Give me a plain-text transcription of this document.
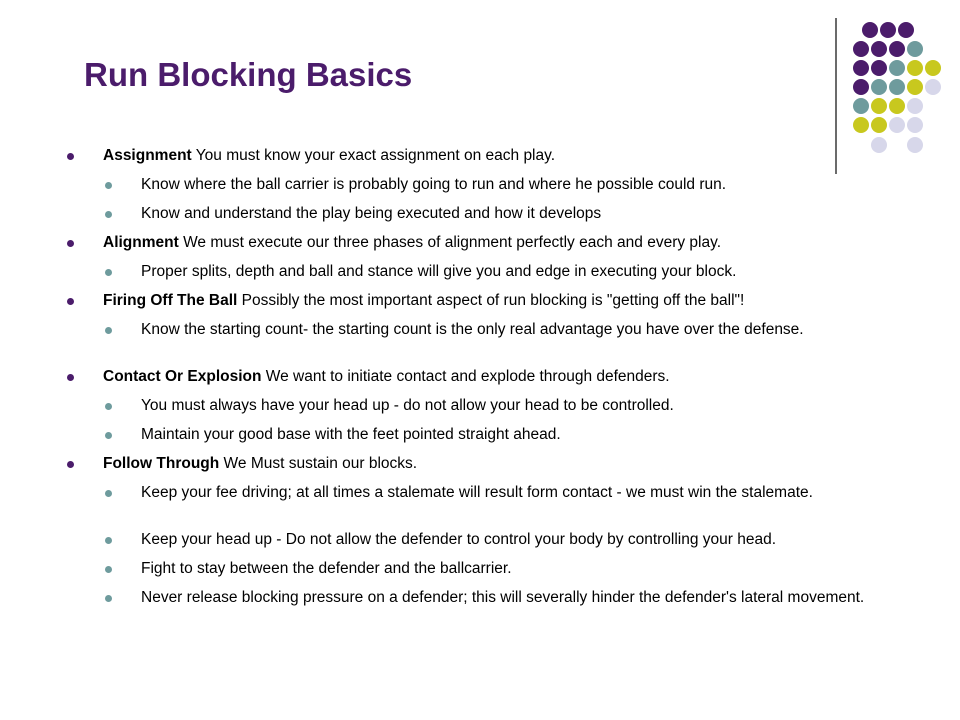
Run Blocking Basics
Assignment You must know your exact assignment on each play.
Know where the ball carrier is probably going to run and where he possible could run.
Know and understand the play being executed and how it develops
Alignment We must execute our three phases of alignment perfectly each and every play.
Proper splits, depth and ball and stance will give you and edge in executing your block.
Firing Off The Ball Possibly the most important aspect of run blocking is "getting off the ball"!
Know the starting count- the starting count is the only real advantage you have over the defense.
Contact Or Explosion We want to initiate contact and explode through defenders.
You must always have your head up - do not allow your head to be controlled.
Maintain your good base with the feet pointed straight ahead.
Follow Through We Must sustain our blocks.
Keep your fee driving; at all times a stalemate will result form contact - we must win the stalemate.
Keep your head up - Do not allow the defender to control your body by controlling your head.
Fight to stay between the defender and the ballcarrier.
Never release blocking pressure on a defender; this will severally hinder the defender's lateral movement.
